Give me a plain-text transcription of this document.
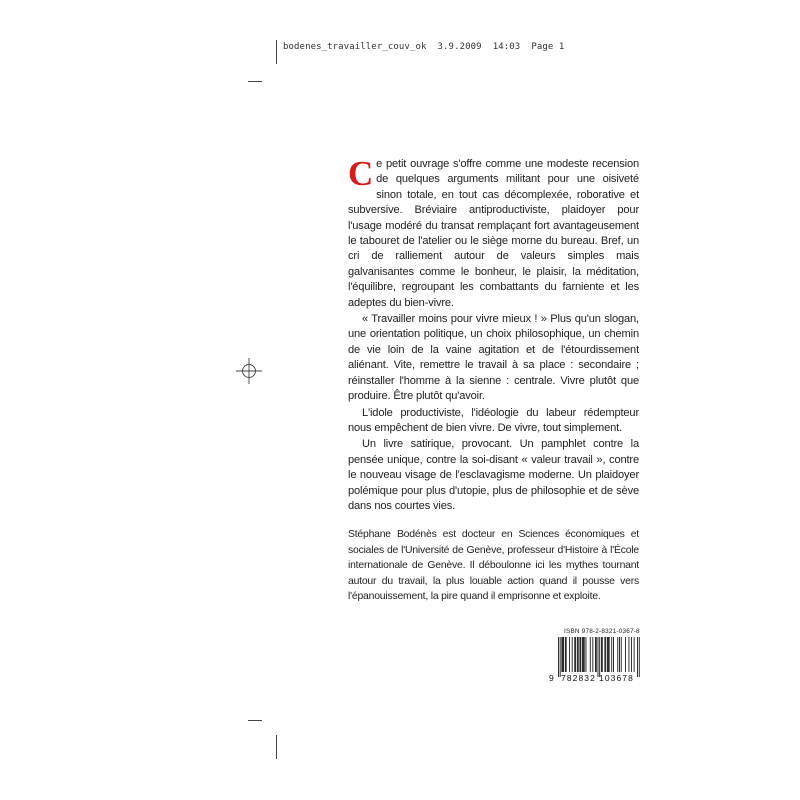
bodenes_travailler_couv_ok  3.9.2009  14:03  Page 1

Ce petit ouvrage s'offre comme une modeste recension de quelques arguments militant pour une oisiveté sinon totale, en tout cas décomplexée, roborative et subversive. Bréviaire antiproductiviste, plaidoyer pour l'usage modéré du transat remplaçant fort avantageusement le tabouret de l'atelier ou le siège morne du bureau. Bref, un cri de ralliement autour de valeurs simples mais galvanisantes comme le bonheur, le plaisir, la méditation, l'équilibre, regroupant les combattants du farniente et les adeptes du bien-vivre.

« Travailler moins pour vivre mieux ! » Plus qu'un slogan, une orientation politique, un choix philosophique, un chemin de vie loin de la vaine agitation et de l'étourdissement aliénant. Vite, remettre le travail à sa place : secondaire ; réinstaller l'homme à la sienne : centrale. Vivre plutôt que produire. Être plutôt qu'avoir.

L'idole productiviste, l'idéologie du labeur rédempteur nous empêchent de bien vivre. De vivre, tout simplement.

Un livre satirique, provocant. Un pamphlet contre la pensée unique, contre la soi-disant « valeur travail », contre le nouveau visage de l'esclavagisme moderne. Un plaidoyer polémique pour plus d'utopie, plus de philosophie et de sève dans nos courtes vies.

Stéphane Bodénès est docteur en Sciences économiques et sociales de l'Université de Genève, professeur d'Histoire à l'École internationale de Genève. Il déboulonne ici les mythes tournant autour du travail, la plus louable action quand il pousse vers l'épanouissement, la pire quand il emprisonne et exploite.
ISBN 978-2-8321-0367-8
9 782832 103678
